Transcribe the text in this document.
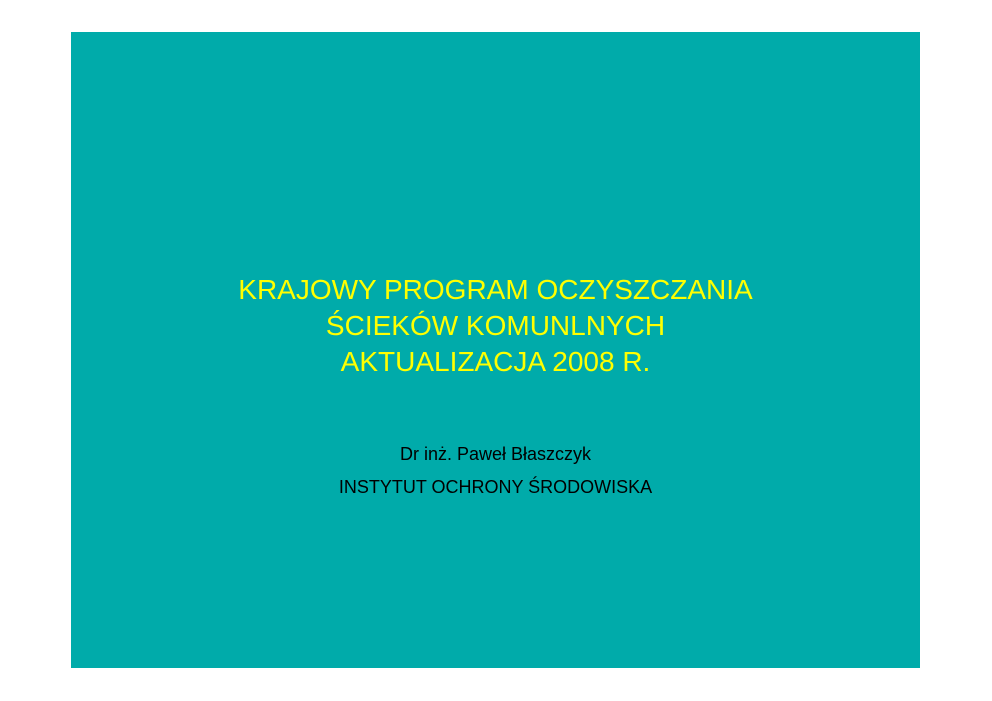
KRAJOWY PROGRAM OCZYSZCZANIA
ŚCIEKÓW KOMUNLNYCH
AKTUALIZACJA 2008 R.
Dr inż. Paweł Błaszczyk
INSTYTUT OCHRONY ŚRODOWISKA
